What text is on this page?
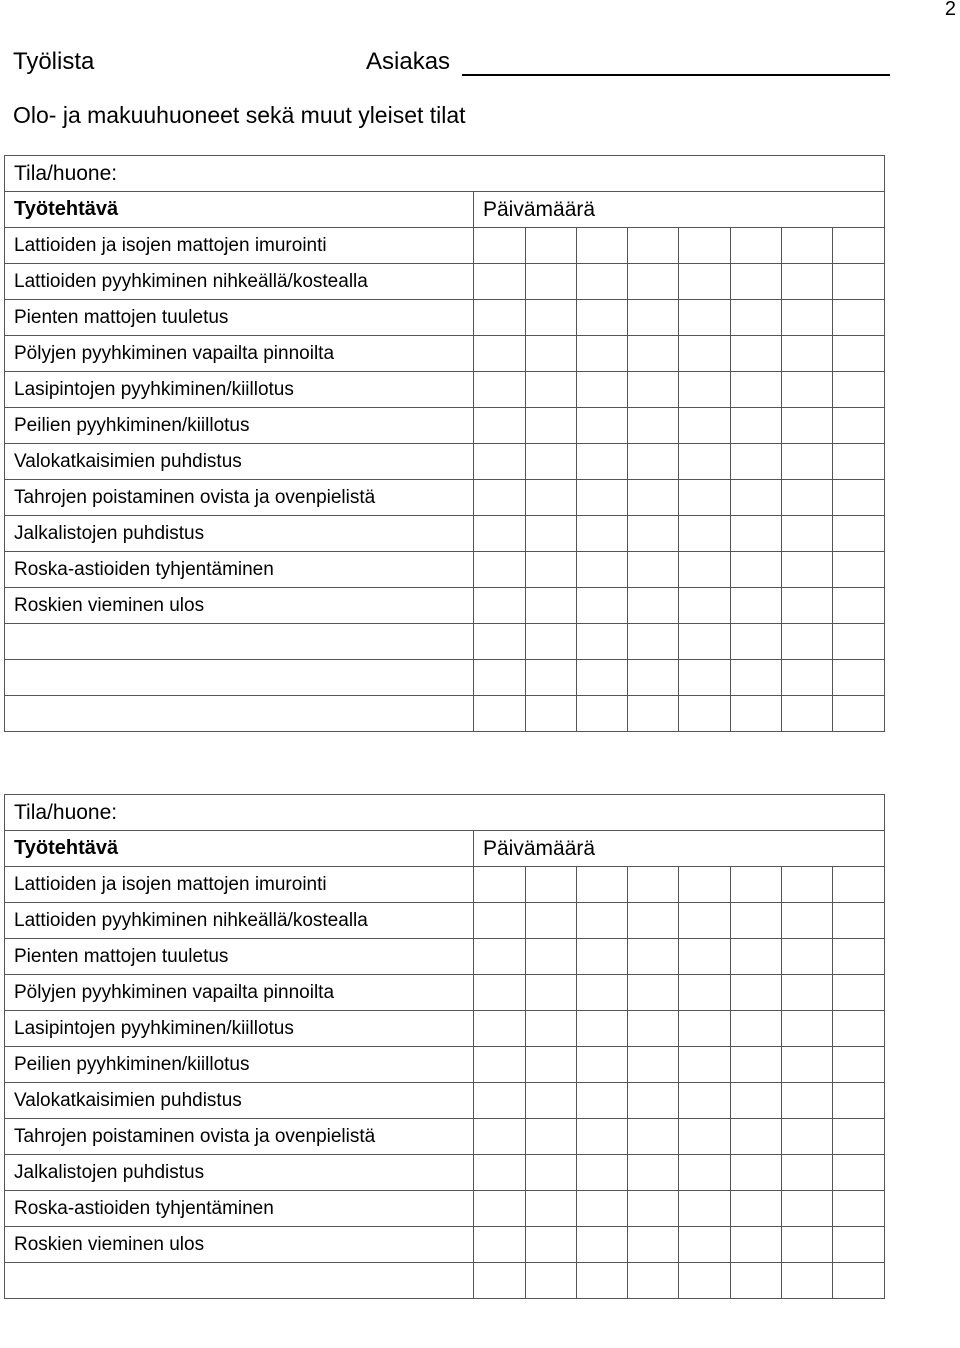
2
Työlista	Asiakas
Olo- ja makuuhuoneet sekä muut yleiset tilat
Tila/huone:								
Työtehtävä	Päivämäärä							
Lattioiden ja isojen mattojen imurointi								
Lattioiden pyyhkiminen nihkeällä/kostealla								
Pienten mattojen tuuletus								
Pölyjen pyyhkiminen vapailta pinnoilta								
Lasipintojen pyyhkiminen/kiillotus								
Peilien pyyhkiminen/kiillotus								
Valokatkaisimien puhdistus								
Tahrojen poistaminen ovista ja ovenpielistä								
Jalkalistojen puhdistus								
Roska-astioiden tyhjentäminen								
Roskien vieminen ulos								

Tila/huone:								
Työtehtävä	Päivämäärä							
Lattioiden ja isojen mattojen imurointi								
Lattioiden pyyhkiminen nihkeällä/kostealla								
Pienten mattojen tuuletus								
Pölyjen pyyhkiminen vapailta pinnoilta								
Lasipintojen pyyhkiminen/kiillotus								
Peilien pyyhkiminen/kiillotus								
Valokatkaisimien puhdistus								
Tahrojen poistaminen ovista ja ovenpielistä								
Jalkalistojen puhdistus								
Roska-astioiden tyhjentäminen								
Roskien vieminen ulos								
